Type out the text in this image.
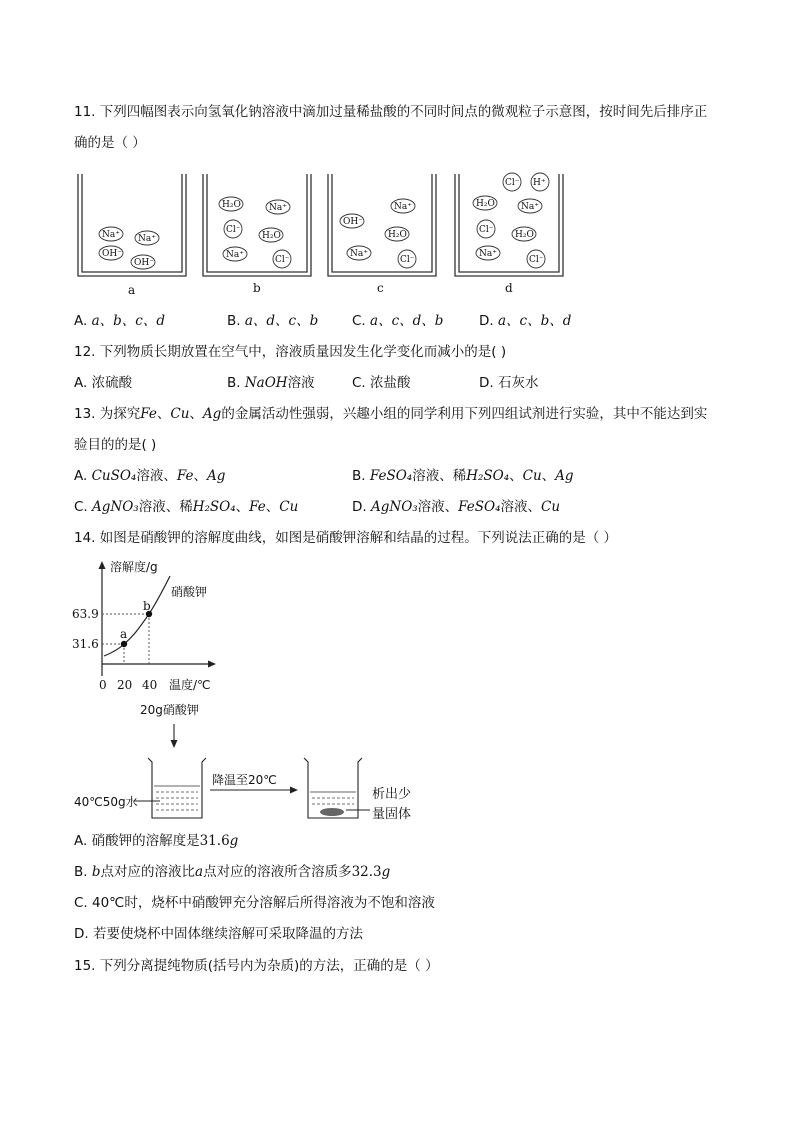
11. 下列四幅图表示向氢氧化钠溶液中滴加过量稀盐酸的不同时间点的微观粒子示意图，按时间先后排序正
确的是（ ）
Na⁺ Na⁺
OH⁻
OH⁻
H₂O	Na⁺
Cl⁻
H₂O
Na⁺	Cl⁻
Na⁺
OH⁻
H₂O
Na⁺
Cl⁻
Cl⁻ H⁺
H₂O	Na⁺
Cl⁻ H₂O
Na⁺
Cl⁻
a	b	c	d
A. a、b、c、d	B. a、d、c、b C. a、c、d、b	D. a、c、b、d
12. 下列物质长期放置在空气中，溶液质量因发生化学变化而减小的是( )
A. 浓硫酸	B. NaOH溶液	C. 浓盐酸	D. 石灰水
13. 为探究Fe、Cu、Ag的金属活动性强弱，兴趣小组的同学利用下列四组试剂进行实验，其中不能达到实
验目的的是( )
A. CuSO₄溶液、Fe、Ag	B. FeSO₄溶液、稀H₂SO₄、Cu、Ag
C. AgNO₃溶液、稀H₂SO₄、Fe、Cu	D. AgNO₃溶液、FeSO₄溶液、Cu
14. 如图是硝酸钾的溶解度曲线，如图是硝酸钾溶解和结晶的过程。下列说法正确的是（ ）
a
b
溶解度/g
硝酸钾
63.9
31.6
0 20 40 温度/℃
20g硝酸钾
40℃50g水
降温至20℃
析出少
量固体
A. 硝酸钾的溶解度是31.6g
B. b点对应的溶液比a点对应的溶液所含溶质多32.3g
C. 40℃时，烧杯中硝酸钾充分溶解后所得溶液为不饱和溶液
D. 若要使烧杯中固体继续溶解可采取降温的方法
15. 下列分离提纯物质(括号内为杂质)的方法，正确的是（ ）
